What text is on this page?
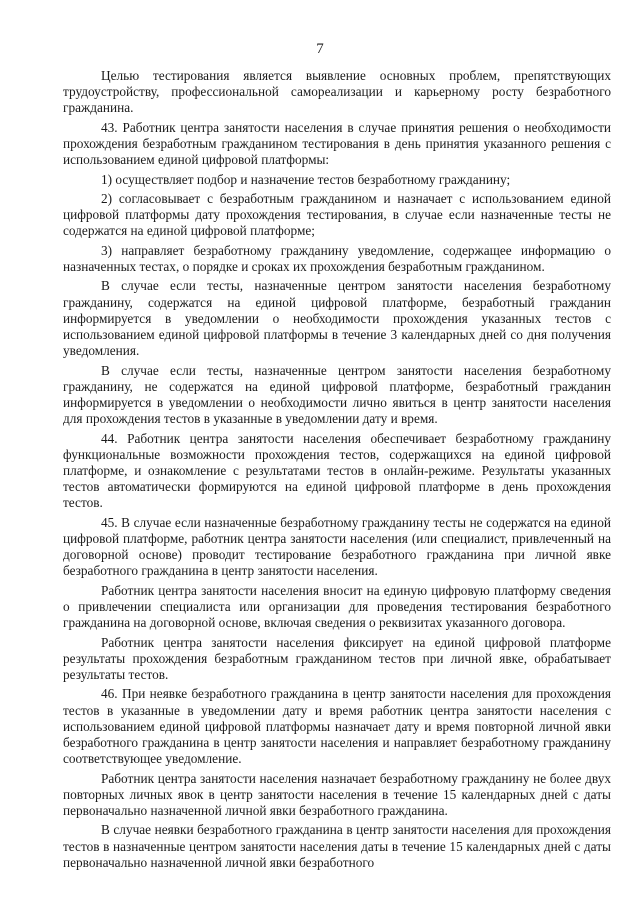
7

Целью тестирования является выявление основных проблем, препятствующих трудоустройству, профессиональной самореализации и карьерному росту безработного гражданина.

43. Работник центра занятости населения в случае принятия решения о необходимости прохождения безработным гражданином тестирования в день принятия указанного решения с использованием единой цифровой платформы:

1) осуществляет подбор и назначение тестов безработному гражданину;

2) согласовывает с безработным гражданином и назначает с использованием единой цифровой платформы дату прохождения тестирования, в случае если назначенные тесты не содержатся на единой цифровой платформе;

3) направляет безработному гражданину уведомление, содержащее информацию о назначенных тестах, о порядке и сроках их прохождения безработным гражданином.

В случае если тесты, назначенные центром занятости населения безработному гражданину, содержатся на единой цифровой платформе, безработный гражданин информируется в уведомлении о необходимости прохождения указанных тестов с использованием единой цифровой платформы в течение 3 календарных дней со дня получения уведомления.

В случае если тесты, назначенные центром занятости населения безработному гражданину, не содержатся на единой цифровой платформе, безработный гражданин информируется в уведомлении о необходимости лично явиться в центр занятости населения для прохождения тестов в указанные в уведомлении дату и время.

44. Работник центра занятости населения обеспечивает безработному гражданину функциональные возможности прохождения тестов, содержащихся на единой цифровой платформе, и ознакомление с результатами тестов в онлайн-режиме. Результаты указанных тестов автоматически формируются на единой цифровой платформе в день прохождения тестов.

45. В случае если назначенные безработному гражданину тесты не содержатся на единой цифровой платформе, работник центра занятости населения (или специалист, привлеченный на договорной основе) проводит тестирование безработного гражданина при личной явке безработного гражданина в центр занятости населения.

Работник центра занятости населения вносит на единую цифровую платформу сведения о привлечении специалиста или организации для проведения тестирования безработного гражданина на договорной основе, включая сведения о реквизитах указанного договора.

Работник центра занятости населения фиксирует на единой цифровой платформе результаты прохождения безработным гражданином тестов при личной явке, обрабатывает результаты тестов.

46. При неявке безработного гражданина в центр занятости населения для прохождения тестов в указанные в уведомлении дату и время работник центра занятости населения с использованием единой цифровой платформы назначает дату и время повторной личной явки безработного гражданина в центр занятости населения и направляет безработному гражданину соответствующее уведомление.

Работник центра занятости населения назначает безработному гражданину не более двух повторных личных явок в центр занятости населения в течение 15 календарных дней с даты первоначально назначенной личной явки безработного гражданина.

В случае неявки безработного гражданина в центр занятости населения для прохождения тестов в назначенные центром занятости населения даты в течение 15 календарных дней с даты первоначально назначенной личной явки безработного
